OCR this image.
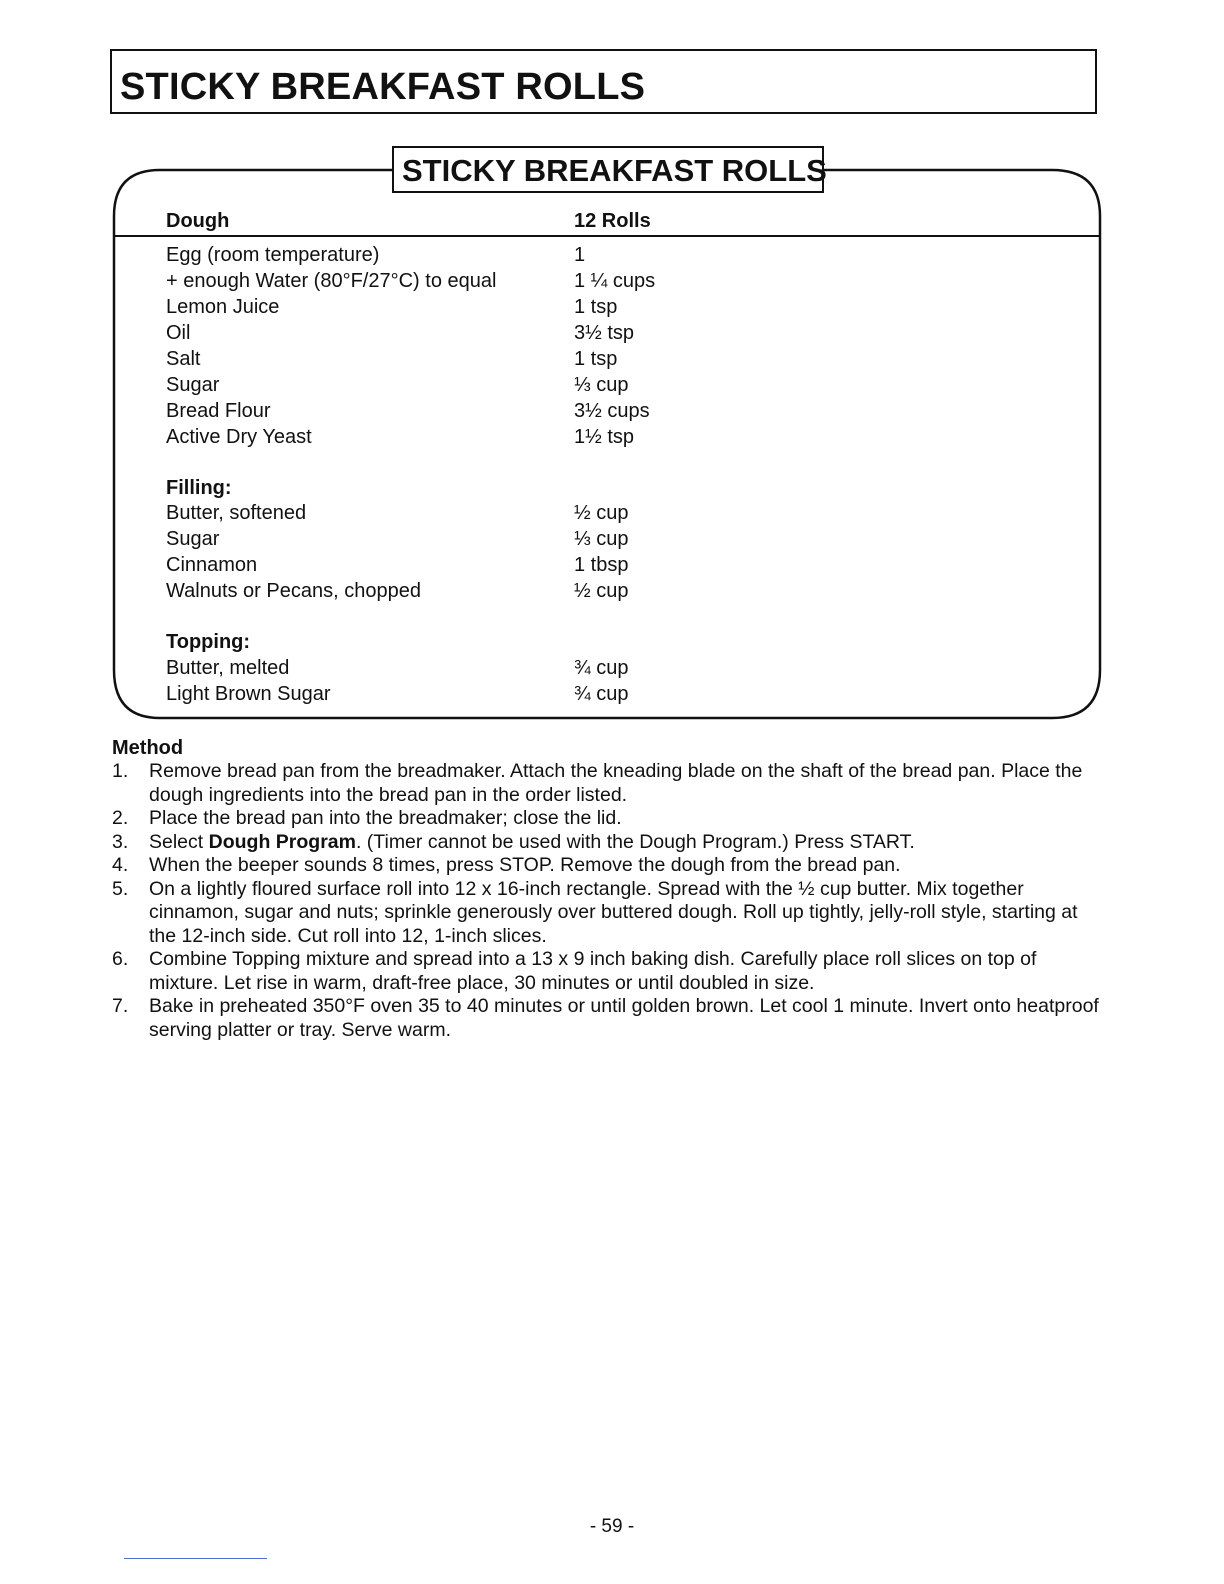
STICKY BREAKFAST ROLLS
STICKY BREAKFAST ROLLS
Dough	12 Rolls
Egg (room temperature)	1
+ enough Water (80°F/27°C) to equal	1 ¼ cups
Lemon Juice	1 tsp
Oil	3½ tsp
Salt	1 tsp
Sugar	⅓ cup
Bread Flour	3½ cups
Active Dry Yeast	1½ tsp
Filling:
Butter, softened	½ cup
Sugar	⅓ cup
Cinnamon	1 tbsp
Walnuts or Pecans, chopped	½ cup
Topping:
Butter, melted	¾ cup
Light Brown Sugar	¾ cup
Method
1. Remove bread pan from the breadmaker. Attach the kneading blade on the shaft of the bread pan. Place the dough ingredients into the bread pan in the order listed.
2. Place the bread pan into the breadmaker; close the lid.
3. Select Dough Program. (Timer cannot be used with the Dough Program.) Press START.
4. When the beeper sounds 8 times, press STOP. Remove the dough from the bread pan.
5. On a lightly floured surface roll into 12 x 16-inch rectangle. Spread with the ½ cup butter. Mix together cinnamon, sugar and nuts; sprinkle generously over buttered dough. Roll up tightly, jelly-roll style, starting at the 12-inch side. Cut roll into 12, 1-inch slices.
6. Combine Topping mixture and spread into a 13 x 9 inch baking dish. Carefully place roll slices on top of mixture. Let rise in warm, draft-free place, 30 minutes or until doubled in size.
7. Bake in preheated 350°F oven 35 to 40 minutes or until golden brown. Let cool 1 minute. Invert onto heatproof serving platter or tray. Serve warm.
- 59 -
